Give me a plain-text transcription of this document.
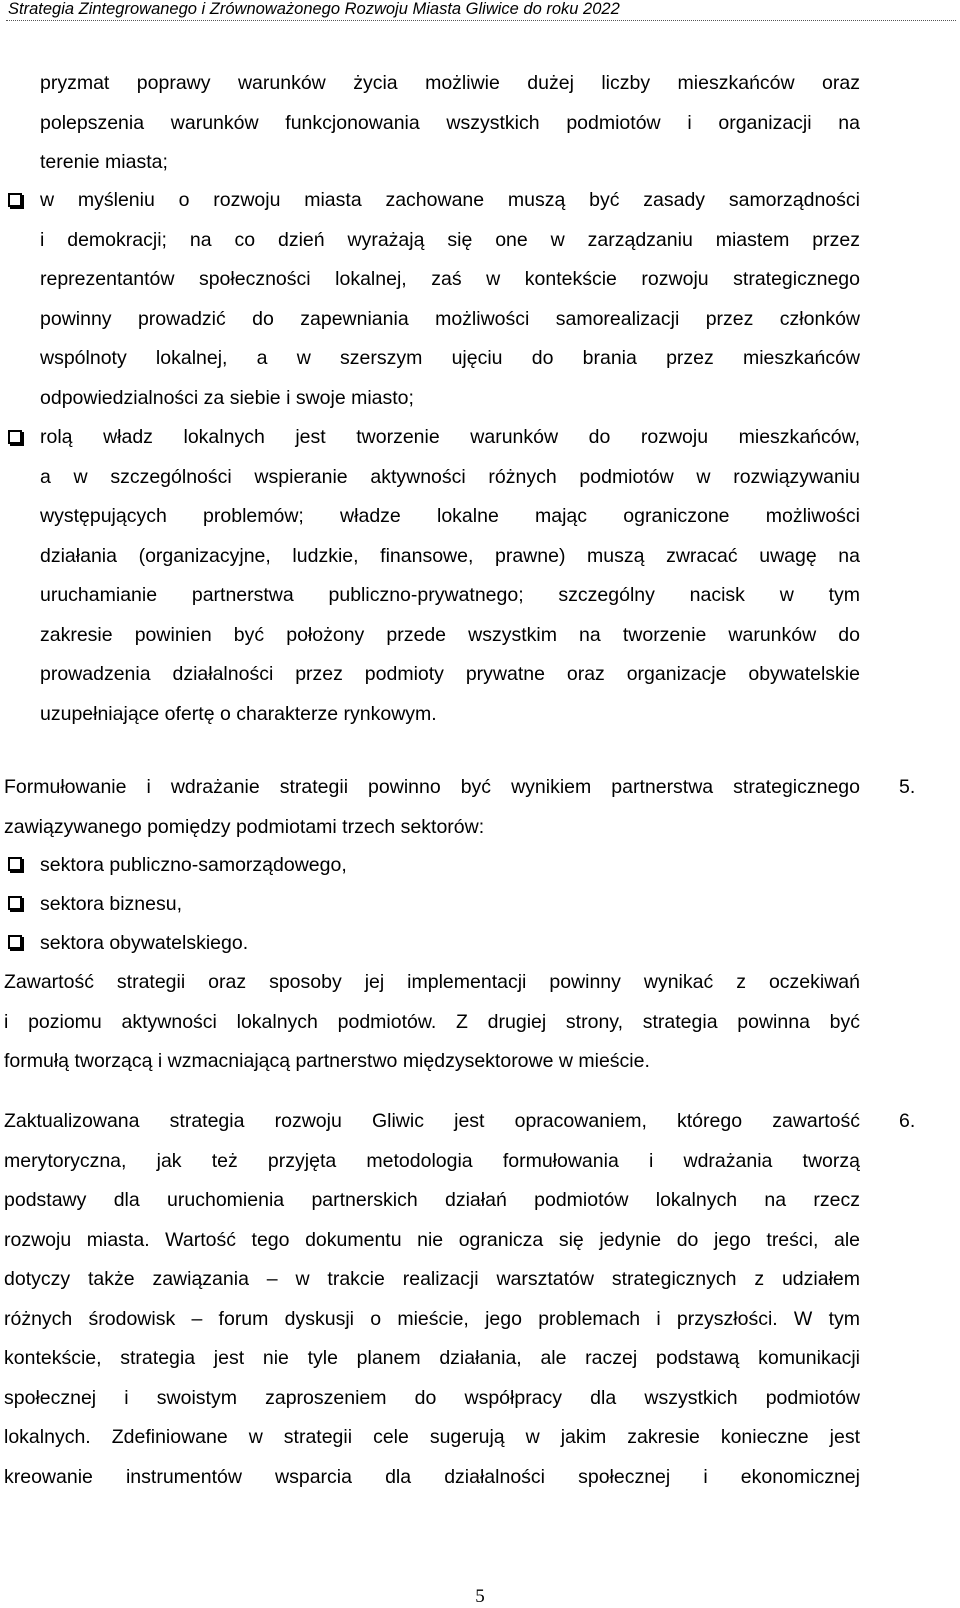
Strategia Zintegrowanego i Zrównoważonego Rozwoju Miasta Gliwice do roku 2022
pryzmat poprawy warunków życia możliwie dużej liczby mieszkańców oraz
polepszenia warunków funkcjonowania wszystkich podmiotów i organizacji na
terenie miasta;
w myśleniu o rozwoju miasta zachowane muszą być zasady samorządności
i demokracji; na co dzień wyrażają się one w zarządzaniu miastem przez
reprezentantów społeczności lokalnej, zaś w kontekście rozwoju strategicznego
powinny prowadzić do zapewniania możliwości samorealizacji przez członków
wspólnoty lokalnej, a w szerszym ujęciu do brania przez mieszkańców
odpowiedzialności za siebie i swoje miasto;
rolą władz lokalnych jest tworzenie warunków do rozwoju mieszkańców,
a w szczególności wspieranie aktywności różnych podmiotów w rozwiązywaniu
występujących problemów; władze lokalne mając ograniczone możliwości
działania (organizacyjne, ludzkie, finansowe, prawne) muszą zwracać uwagę na
uruchamianie partnerstwa publiczno-prywatnego; szczególny nacisk w tym
zakresie powinien być położony przede wszystkim na tworzenie warunków do
prowadzenia działalności przez podmioty prywatne oraz organizacje obywatelskie
uzupełniające ofertę o charakterze rynkowym.
5.
Formułowanie i wdrażanie strategii powinno być wynikiem partnerstwa strategicznego
zawiązywanego pomiędzy podmiotami trzech sektorów:
sektora publiczno-samorządowego,
sektora biznesu,
sektora obywatelskiego.
Zawartość strategii oraz sposoby jej implementacji powinny wynikać z oczekiwań
i poziomu aktywności lokalnych podmiotów. Z drugiej strony, strategia powinna być
formułą tworzącą i wzmacniającą partnerstwo międzysektorowe w mieście.
6.
Zaktualizowana strategia rozwoju Gliwic jest opracowaniem, którego zawartość
merytoryczna, jak też przyjęta metodologia formułowania i wdrażania tworzą
podstawy dla uruchomienia partnerskich działań podmiotów lokalnych na rzecz
rozwoju miasta. Wartość tego dokumentu nie ogranicza się jedynie do jego treści, ale
dotyczy także zawiązania – w trakcie realizacji warsztatów strategicznych z udziałem
różnych środowisk – forum dyskusji o mieście, jego problemach i przyszłości. W tym
kontekście, strategia jest nie tyle planem działania, ale raczej podstawą komunikacji
społecznej i swoistym zaproszeniem do współpracy dla wszystkich podmiotów
lokalnych. Zdefiniowane w strategii cele sugerują w jakim zakresie konieczne jest
kreowanie instrumentów wsparcia dla działalności społecznej i ekonomicznej
5
